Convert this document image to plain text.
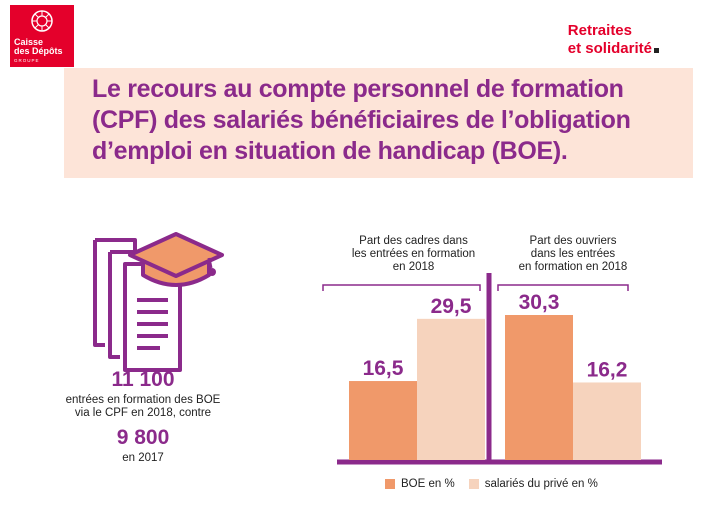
Caisse
des Dépôts
GROUPE
Retraites
et solidarité
Le recours au compte personnel de formation (CPF) des salariés bénéficiaires de l’obligation d’emploi en situation de handicap (BOE).
11 100
entrées en formation des BOE
via le CPF en 2018, contre
9 800
en 2017
Part des cadres dans
les entrées en formation
en 2018
16,5
29,5
Part des ouvriers
dans les entrées
en formation en 2018
30,3
16,2
BOE en %	salariés du privé en %
